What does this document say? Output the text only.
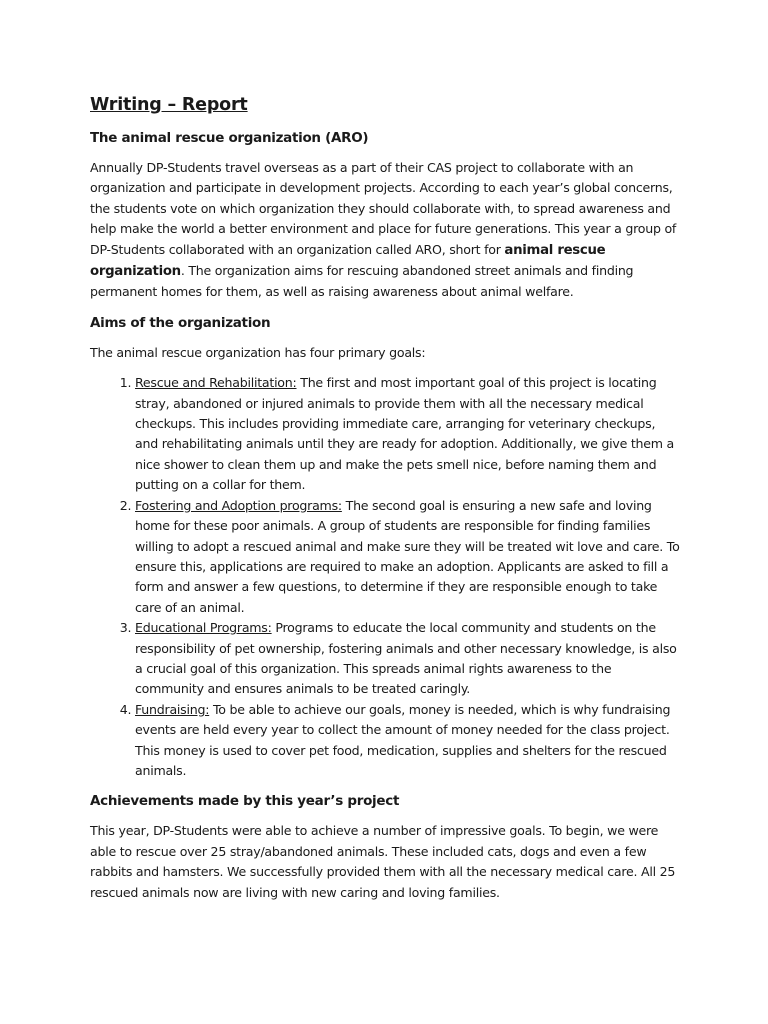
Writing – Report
The animal rescue organization (ARO)

Annually DP-Students travel overseas as a part of their CAS project to collaborate with an organization and participate in development projects. According to each year’s global concerns, the students vote on which organization they should collaborate with, to spread awareness and help make the world a better environment and place for future generations. This year a group of DP-Students collaborated with an organization called ARO, short for animal rescue organization. The organization aims for rescuing abandoned street animals and finding permanent homes for them, as well as raising awareness about animal welfare.

Aims of the organization

The animal rescue organization has four primary goals:

1. Rescue and Rehabilitation: The first and most important goal of this project is locating stray, abandoned or injured animals to provide them with all the necessary medical checkups. This includes providing immediate care, arranging for veterinary checkups, and rehabilitating animals until they are ready for adoption. Additionally, we give them a nice shower to clean them up and make the pets smell nice, before naming them and putting on a collar for them.
2. Fostering and Adoption programs: The second goal is ensuring a new safe and loving home for these poor animals. A group of students are responsible for finding families willing to adopt a rescued animal and make sure they will be treated wit love and care. To ensure this, applications are required to make an adoption. Applicants are asked to fill a form and answer a few questions, to determine if they are responsible enough to take care of an animal.
3. Educational Programs: Programs to educate the local community and students on the responsibility of pet ownership, fostering animals and other necessary knowledge, is also a crucial goal of this organization. This spreads animal rights awareness to the community and ensures animals to be treated caringly.
4. Fundraising: To be able to achieve our goals, money is needed, which is why fundraising events are held every year to collect the amount of money needed for the class project. This money is used to cover pet food, medication, supplies and shelters for the rescued animals.
Achievements made by this year’s project

This year, DP-Students were able to achieve a number of impressive goals. To begin, we were able to rescue over 25 stray/abandoned animals. These included cats, dogs and even a few rabbits and hamsters. We successfully provided them with all the necessary medical care. All 25 rescued animals now are living with new caring and loving families.
